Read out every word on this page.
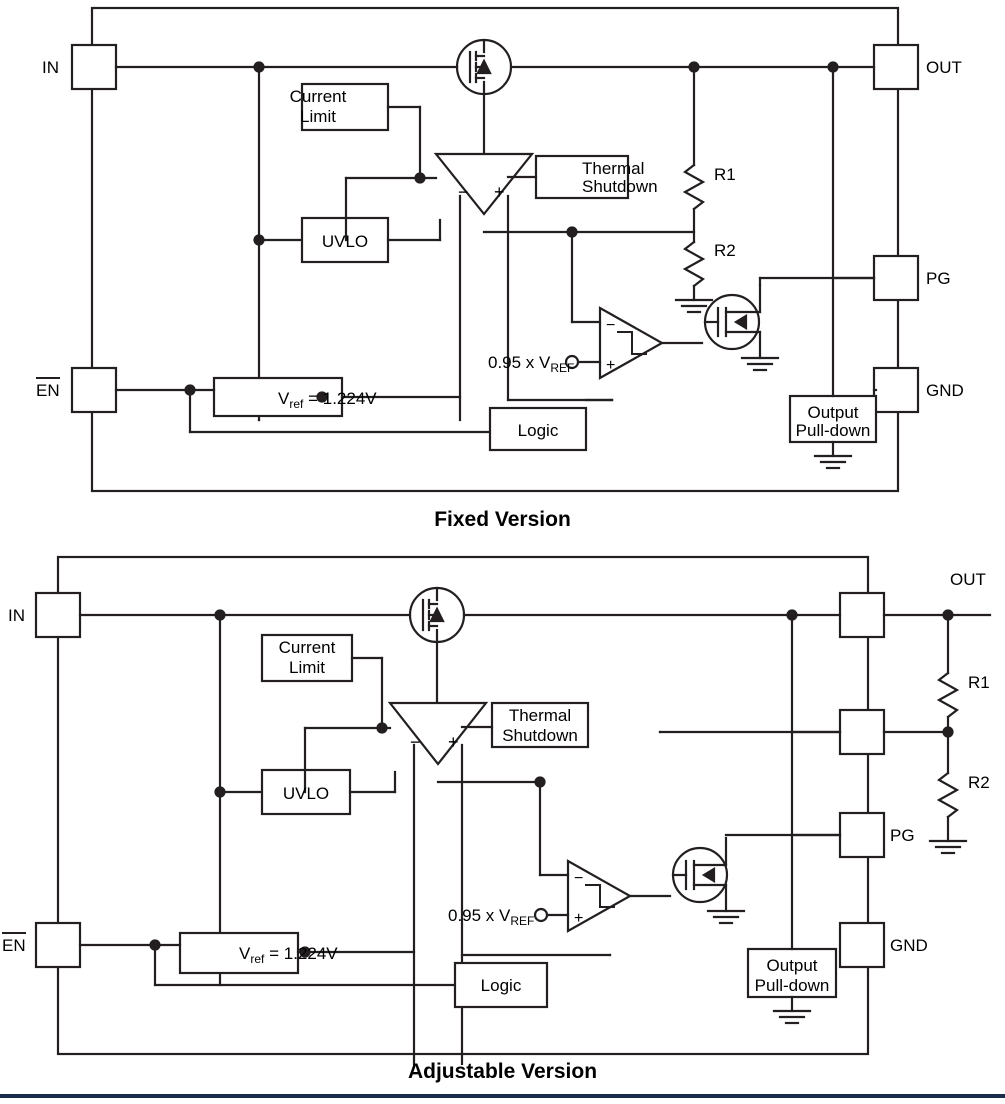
IN
EN
OUT
PG
GND
R1
R2
Current
Limit
UVLO
Thermal
Shutdown
$V_{ref} = 1.224V$
Logic
Output
Pull-down
0.95 x $V_{REF}$
− +
−
+
Fixed Version
IN
EN
OUT
PG
GND
R1
R2
Current
Limit
UVLO
Thermal
Shutdown
$V_{ref} = 1.224V$
Logic
Output
Pull-down
0.95 x $V_{REF}$
− +
−
+
Adjustable Version
